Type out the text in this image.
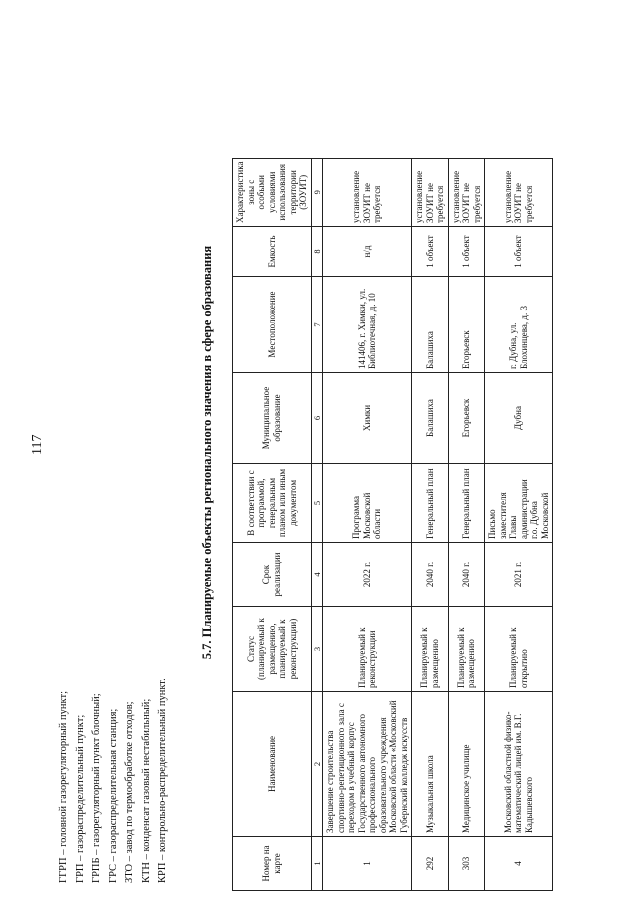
117
ГГРП – головной газорегуляторный пункт; ГРП – газораспределительный пункт; ГРПБ – газорегуляторный пункт блочный; ГРС – газораспределительная станция; ЗТО – завод по термообработке отходов; КТН – конденсат газовый нестабильный; КРП – контрольно-распределительный пункт.
5.7. Планируемые объекты регионального значения в сфере образования
Номер на карте	Наименование	Статус (планируемый к размещению, планируемый к реконструкции)	Срок реализации	В соответствии с программой, генеральным планом или иным документом	Муниципальное образование	Местоположение	Емкость	Характеристика зоны с особыми условиями использования территории (ЗОУИТ)
1	2	3	4	5	6	7	8	9
1	Завершение строительства спортивно-репетиционного зала с переходом в учебный корпус Государственного автономного профессионального образовательного учреждения Московской области «Московский Губернский колледж искусств	Планируемый к реконструкции	2022 г.	Программа Московской области	Химки	141406, г. Химки, ул. Библиотечная, д. 10	н/д	установление ЗОУИТ не требуется
292	Музыкальная школа	Планируемый к размещению	2040 г.	Генеральный план	Балашиха	Балашиха	1 объект	установление ЗОУИТ не требуется
303	Медицинское училище	Планируемый к размещению	2040 г.	Генеральный план	Егорьевск	Егорьевск	1 объект	установление ЗОУИТ не требуется
4	Московский областной физико-математический лицей им. В.Г. Кадышевского	Планируемый к открытию	2021 г.	Письмо заместителя Главы администрации г.о. Дубна Московской	Дубна	г. Дубна, ул. Блохинцева, д. 3	1 объект	установление ЗОУИТ не требуется
